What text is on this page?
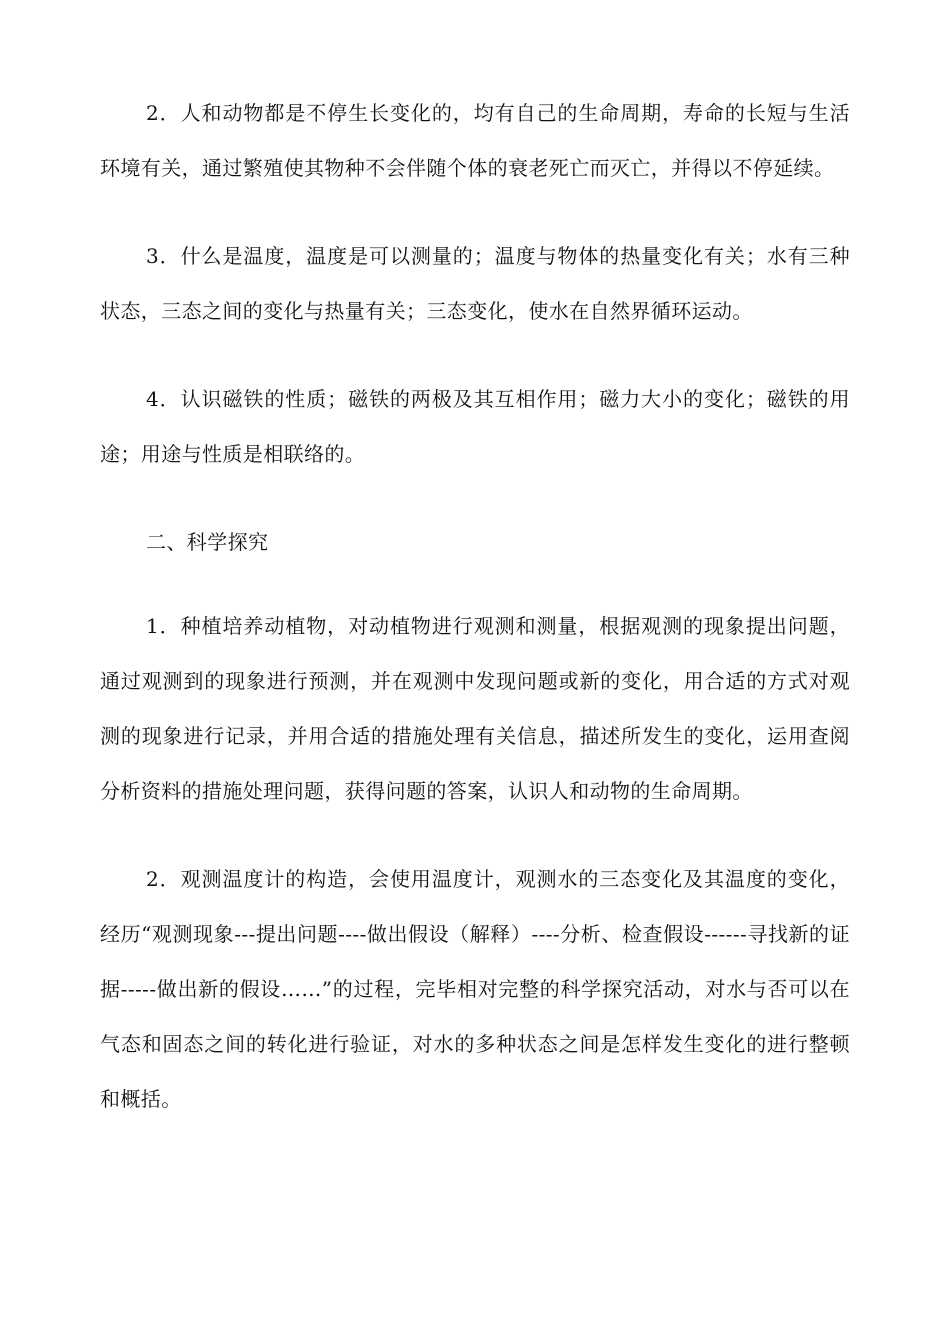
2．人和动物都是不停生长变化的，均有自己的生命周期，寿命的长短与生活环境有关，通过繁殖使其物种不会伴随个体的衰老死亡而灭亡，并得以不停延续。

3．什么是温度，温度是可以测量的；温度与物体的热量变化有关；水有三种状态，三态之间的变化与热量有关；三态变化，使水在自然界循环运动。

4．认识磁铁的性质；磁铁的两极及其互相作用；磁力大小的变化；磁铁的用途；用途与性质是相联络的。

二、科学探究

1．种植培养动植物，对动植物进行观测和测量，根据观测的现象提出问题，通过观测到的现象进行预测，并在观测中发现问题或新的变化，用合适的方式对观测的现象进行记录，并用合适的措施处理有关信息，描述所发生的变化，运用查阅分析资料的措施处理问题，获得问题的答案，认识人和动物的生命周期。

2．观测温度计的构造，会使用温度计，观测水的三态变化及其温度的变化，经历“观测现象---提出问题----做出假设（解释）----分析、检查假设------寻找新的证据-----做出新的假设……”的过程，完毕相对完整的科学探究活动，对水与否可以在气态和固态之间的转化进行验证，对水的多种状态之间是怎样发生变化的进行整顿和概括。
